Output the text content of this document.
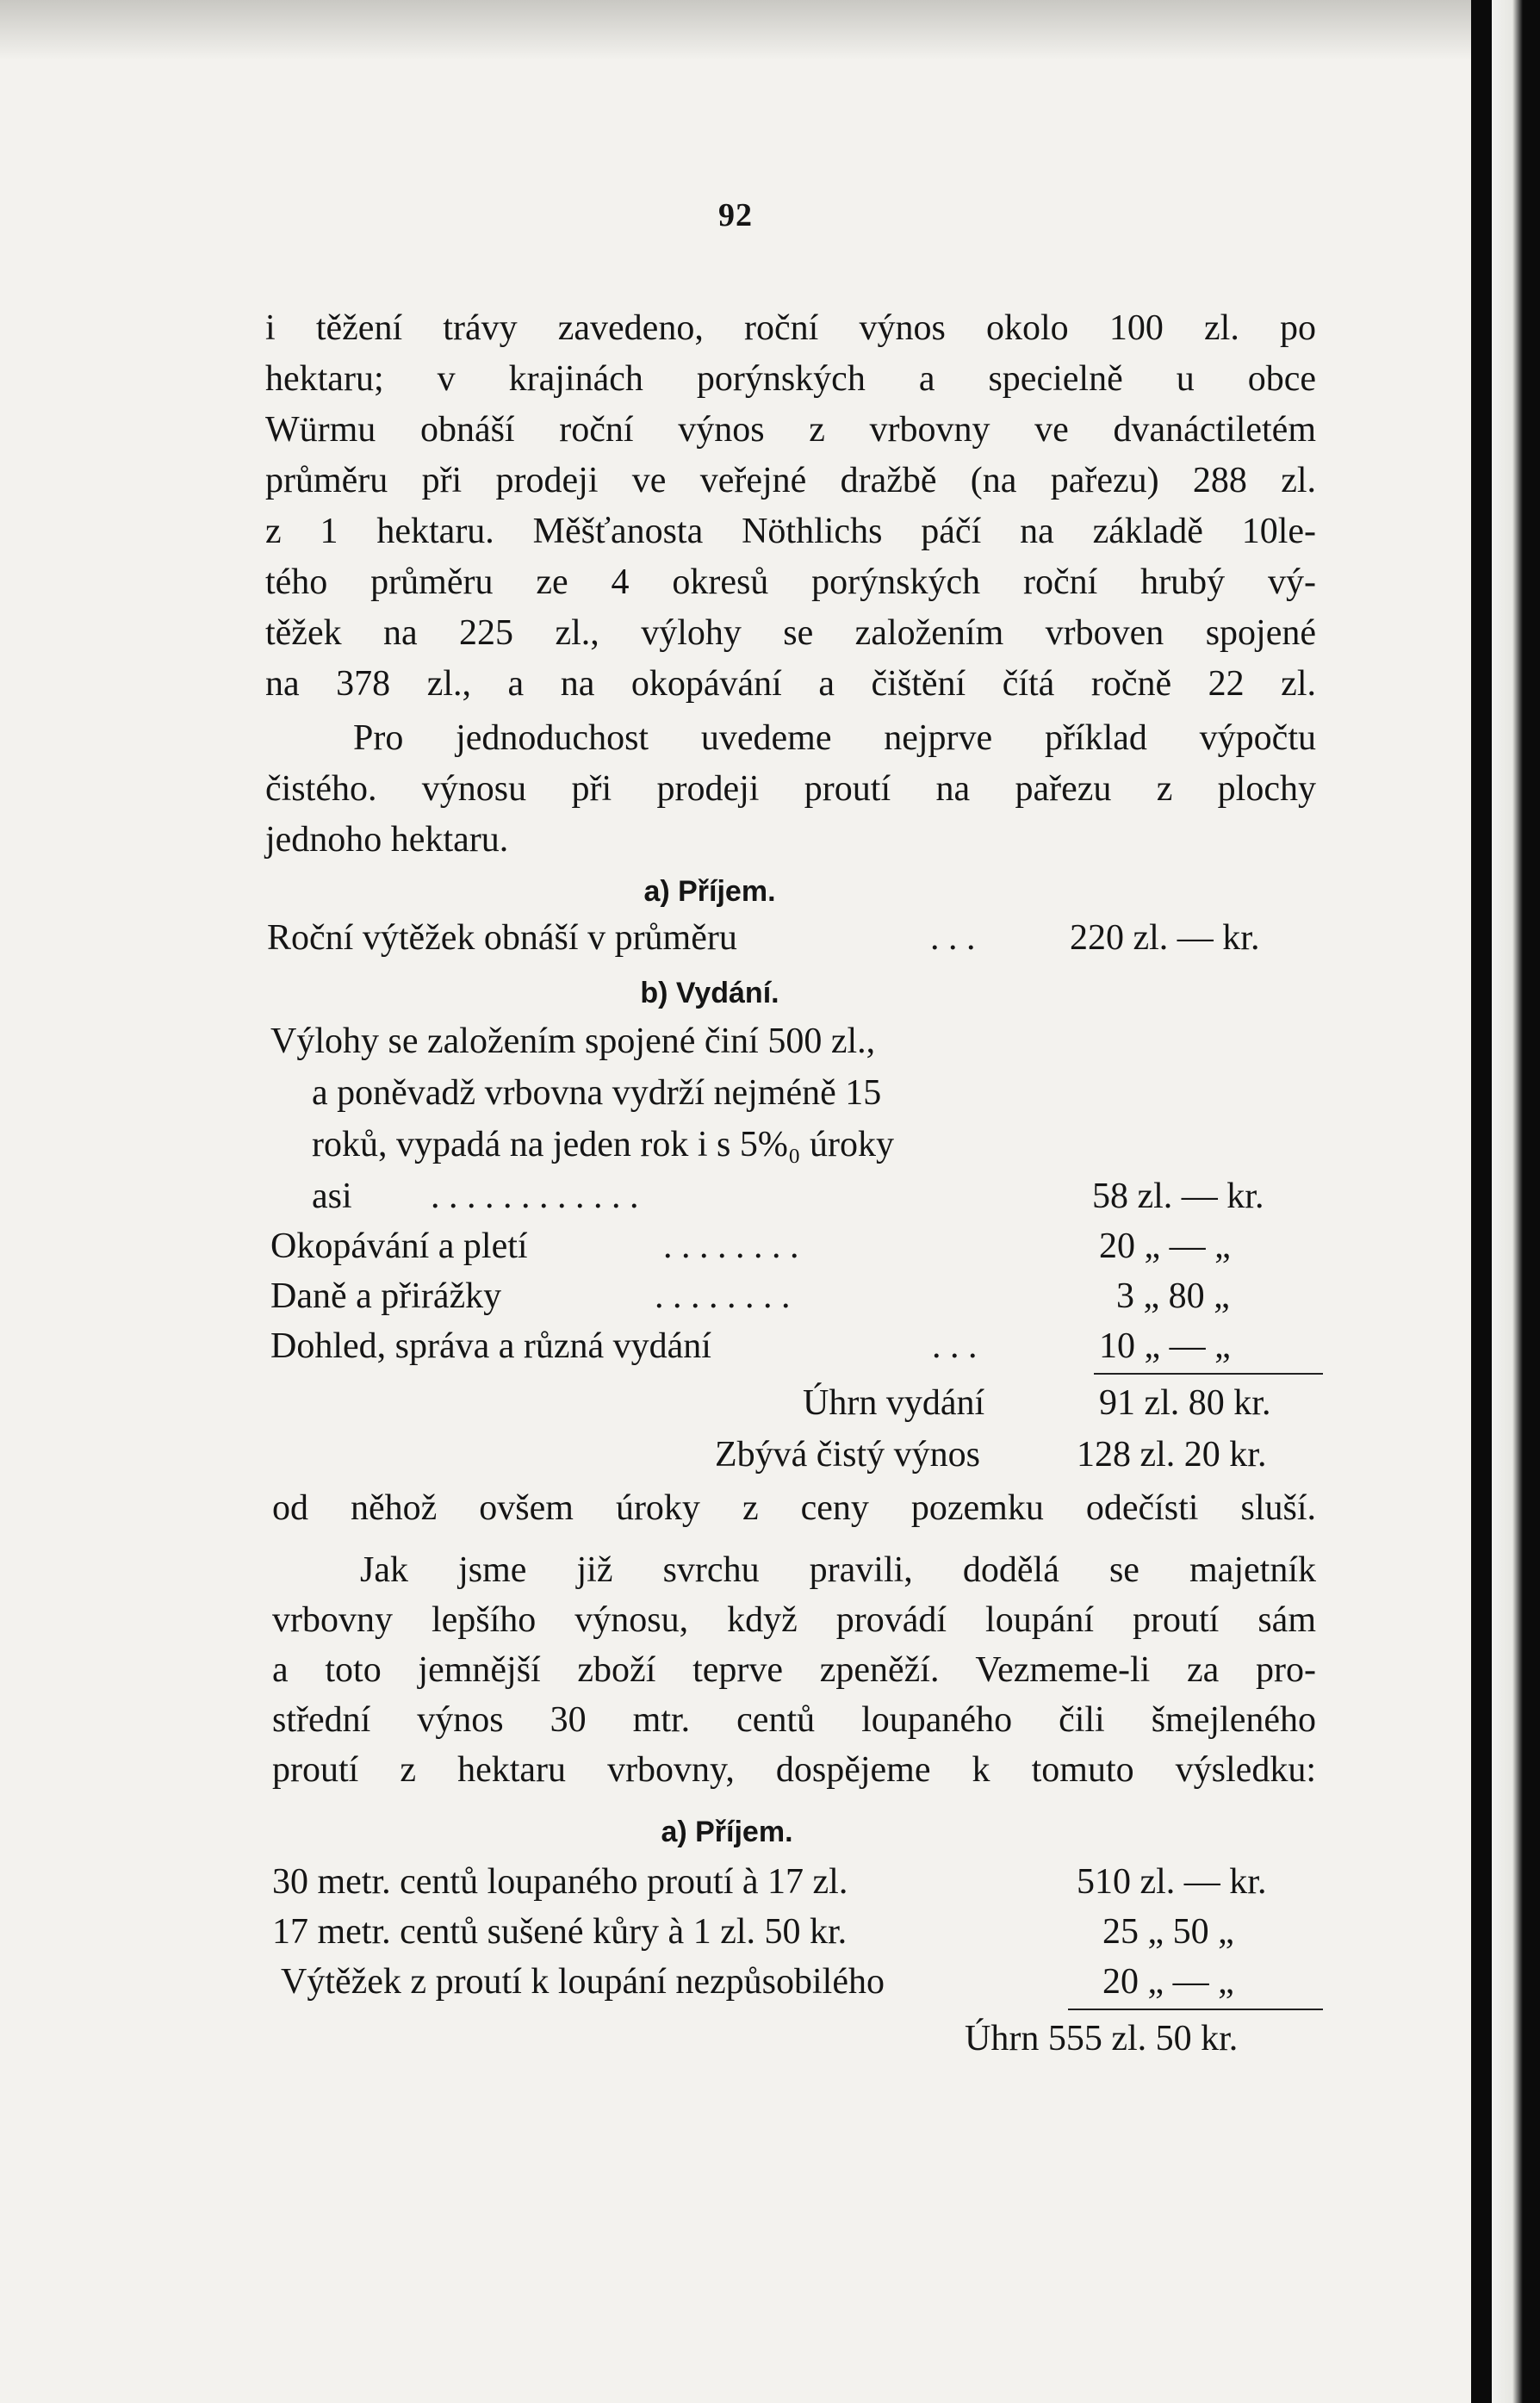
92
i těžení trávy zavedeno, roční výnos okolo 100 zl. po
hektaru; v krajinách porýnských a specielně u obce
Würmu obnáší roční výnos z vrbovny ve dvanáctiletém
průměru při prodeji ve veřejné dražbě (na pařezu) 288 zl.
z 1 hektaru. Měšťanosta Nöthlichs páčí na základě 10le-
tého průměru ze 4 okresů porýnských roční hrubý vý-
těžek na 225 zl., výlohy se založením vrboven spojené
na 378 zl., a na okopávání a čištění čítá ročně 22 zl.
Pro jednoduchost uvedeme nejprve příklad výpočtu
čistého. výnosu při prodeji proutí na pařezu z plochy
jednoho hektaru.
a) Příjem.
Roční výtěžek obnáší v průměru	. . .	220 zl. — kr.
b) Vydání.
Výlohy se založením spojené činí 500 zl.,
a poněvadž vrbovna vydrží nejméně 15
roků, vypadá na jeden rok i s 5%₀ úroky
asi . . . . . . . . . . . .	58 zl. — kr.
Okopávání a pletí	. . . . . . . .	20 „ — „
Daně a přirážky	. . . . . . . .	3 „ 80 „
Dohled, správa a různá vydání	. . .	10 „ — „
Úhrn vydání	91 zl. 80 kr.
Zbývá čistý výnos	128 zl. 20 kr.
od něhož ovšem úroky z ceny pozemku odečísti sluší.
Jak jsme již svrchu pravili, dodělá se majetník
vrbovny lepšího výnosu, když provádí loupání proutí sám
a toto jemnější zboží teprve zpeněží. Vezmeme-li za pro-
střední výnos 30 mtr. centů loupaného čili šmejleného
proutí z hektaru vrbovny, dospějeme k tomuto výsledku:
a) Příjem.
30 metr. centů loupaného proutí à 17 zl.	510 zl. — kr.
17 metr. centů sušené kůry à 1 zl. 50 kr.	25 „ 50 „
Výtěžek z proutí k loupání nezpůsobilého	20 „ — „
Úhrn 555 zl. 50 kr.
